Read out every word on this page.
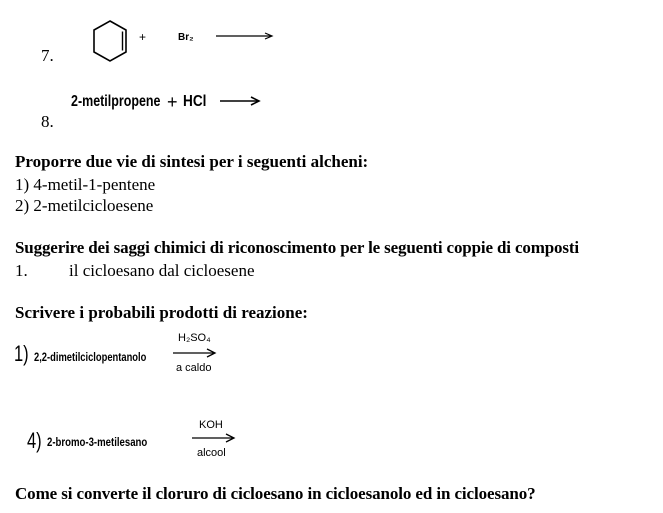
7.
+	Br₂
8.
2-metilpropene + HCl
Proporre due vie di sintesi per i seguenti alcheni:
1) 4-metil-1-pentene
2) 2-metilcicloesene
Suggerire dei saggi chimici di riconoscimento per le seguenti coppie di composti
1. il cicloesano dal cicloesene
Scrivere i probabili prodotti di reazione:
1) 2,2-dimetilciclopentanolo
H₂SO₄
a caldo
4) 2-bromo-3-metilesano
KOH
alcool
Come si converte il cloruro di cicloesano in cicloesanolo ed in cicloesano?
